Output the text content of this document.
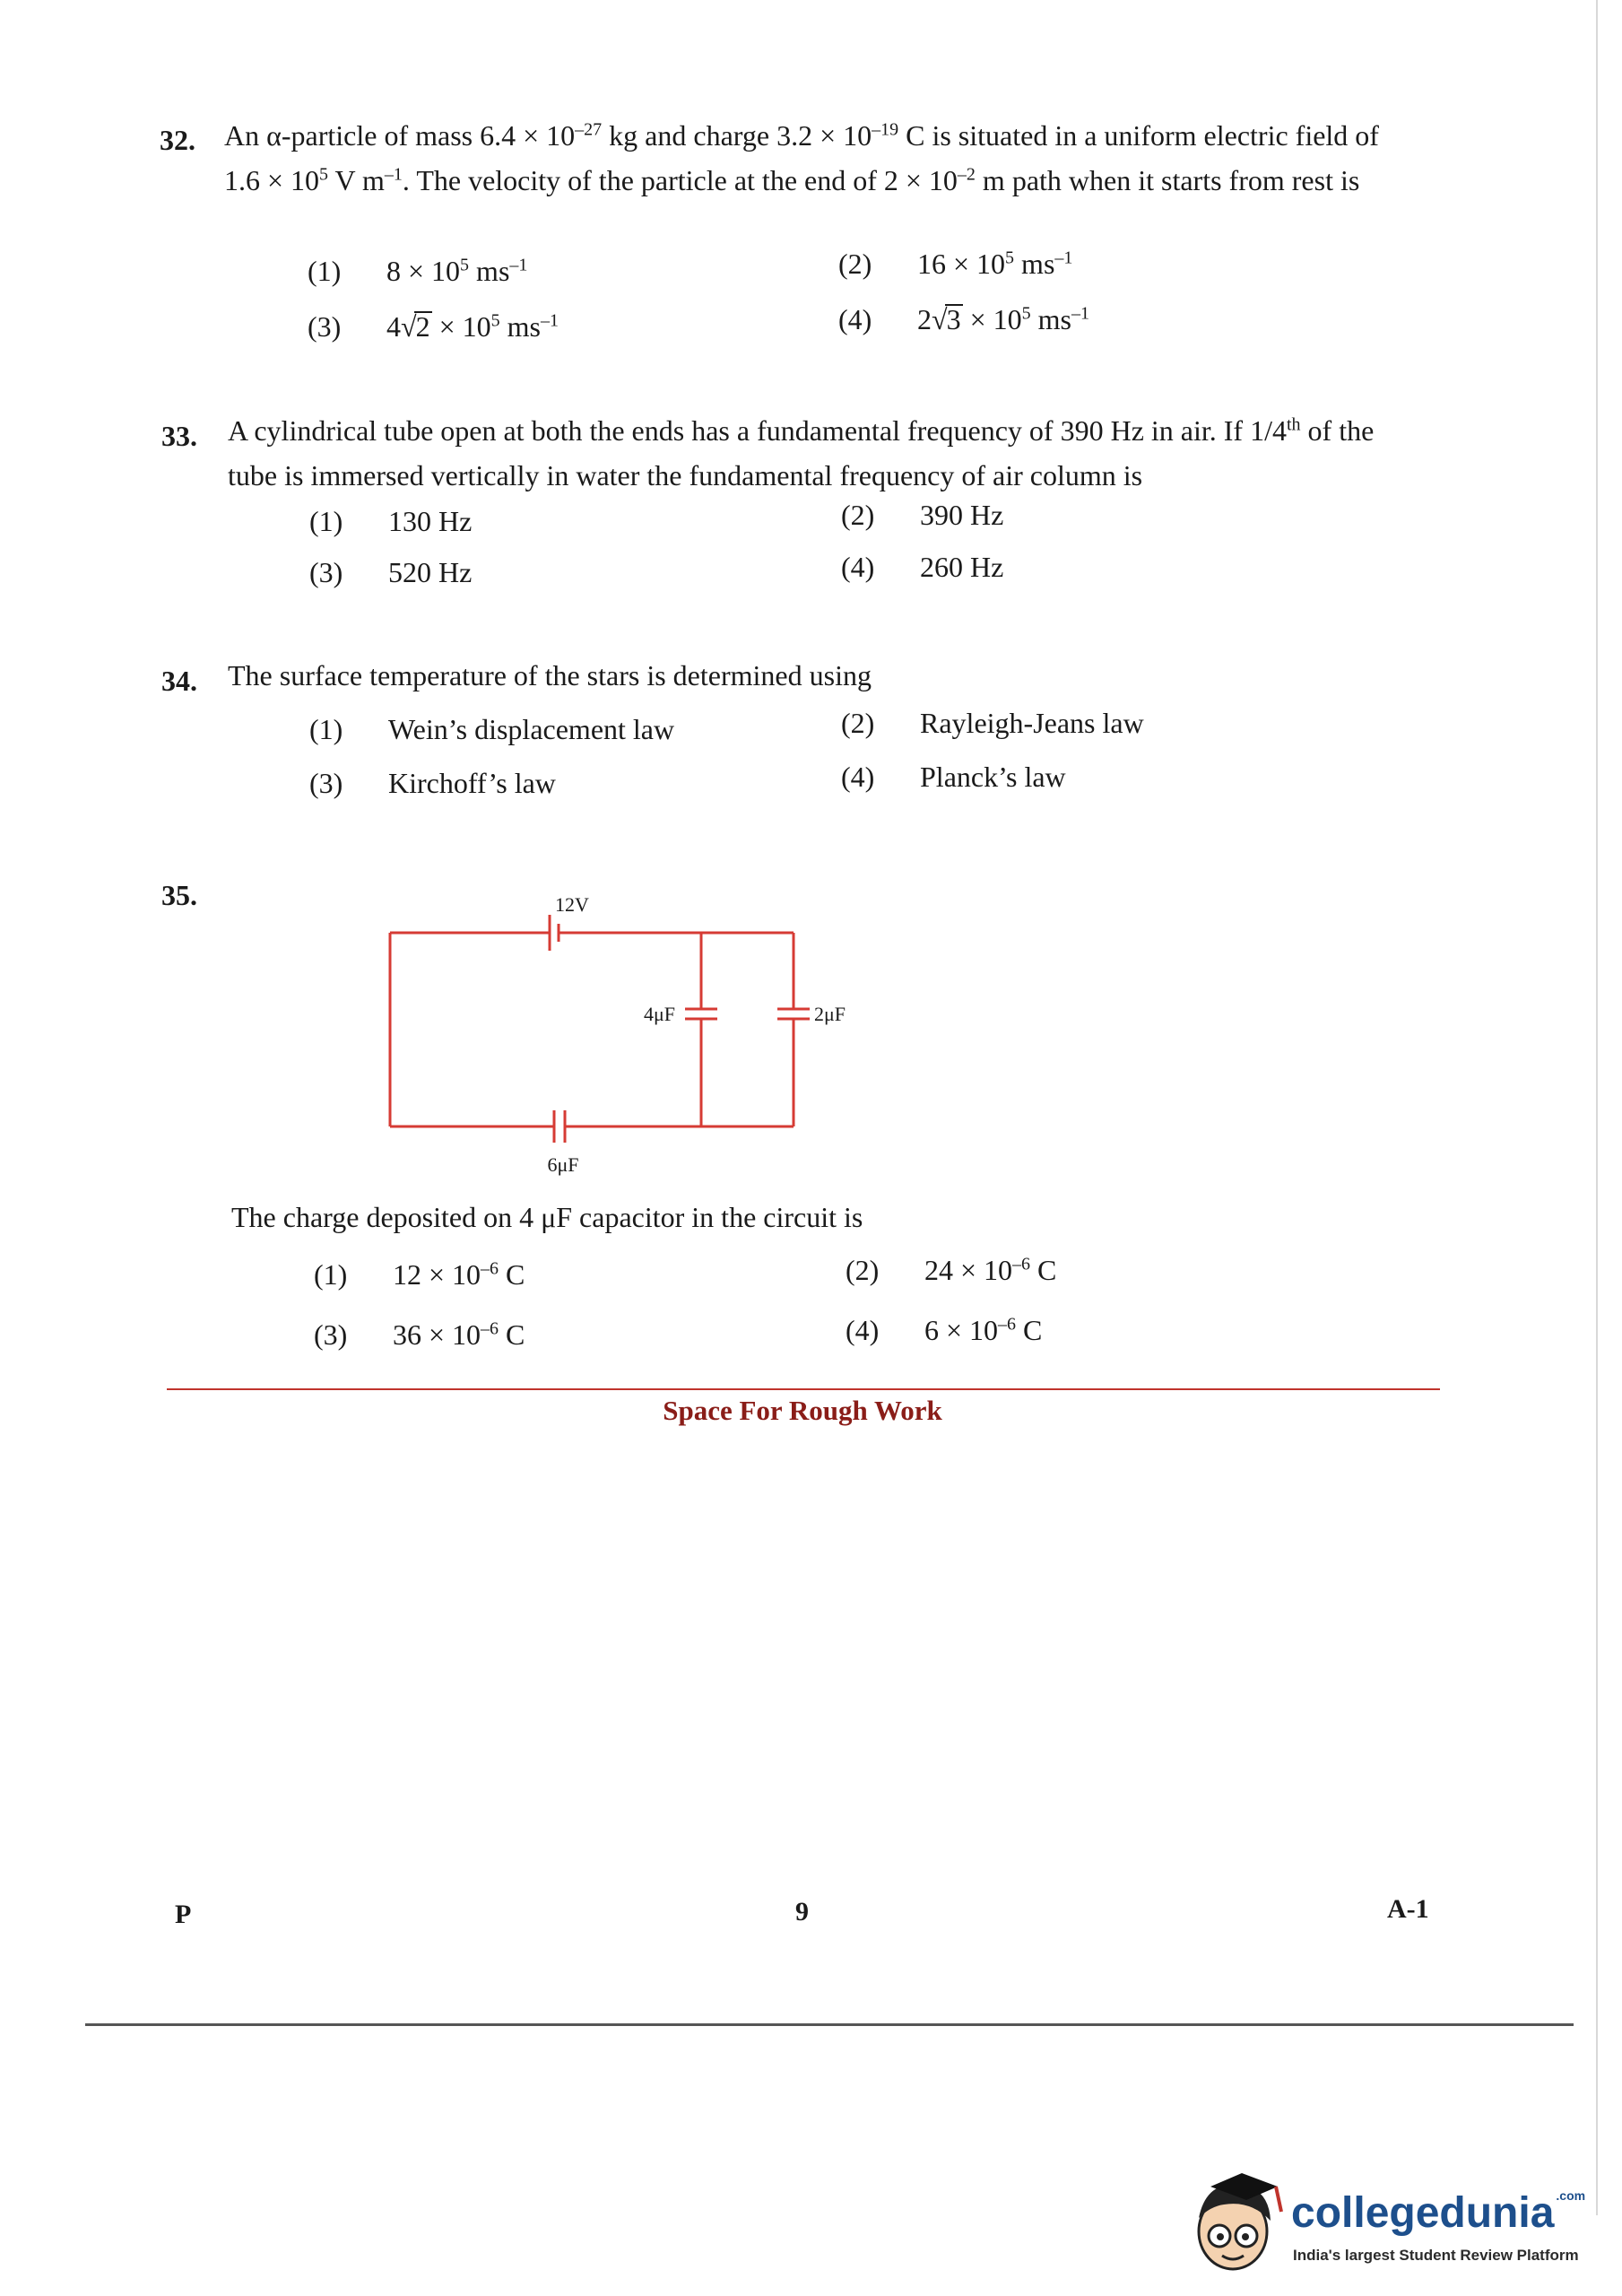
32. An α-particle of mass $6.4 \times 10^{-27}$ kg and charge $3.2 \times 10^{-19}$ C is situated in a uniform electric field of $1.6 \times 10^5$ V $m^{-1}$. The velocity of the particle at the end of $2 \times 10^{-2}$ m path when it starts from rest is
(1) $8 \times 10^5$ $ms^{-1}$	(2) $16 \times 10^5$ $ms^{-1}$
(3) $4√2 \times 10^5$ $ms^{-1}$	(4) $2√3 \times 10^5$ $ms^{-1}$
33. A cylindrical tube open at both the ends has a fundamental frequency of 390 Hz in air. If 1/4th of the tube is immersed vertically in water the fundamental frequency of air column is
(1) 130 Hz	(2) 390 Hz
(3) 520 Hz	(4) 260 Hz
34. The surface temperature of the stars is determined using
(1) Wein’s displacement law	(2) Rayleigh-Jeans law
(3) Kirchoff’s law	(4) Planck’s law
35.	12V
6μF
4μF	2μF
The charge deposited on 4 μF capacitor in the circuit is
(1) $12 \times 10^{-6}$ C	(2) $24 \times 10^{-6}$ C
(3) $36 \times 10^{-6}$ C	(4) $6 \times 10^{-6}$ C
Space For Rough Work
P	9	A-1
collegedunia $^{.com}$
India's largest Student Review Platform
